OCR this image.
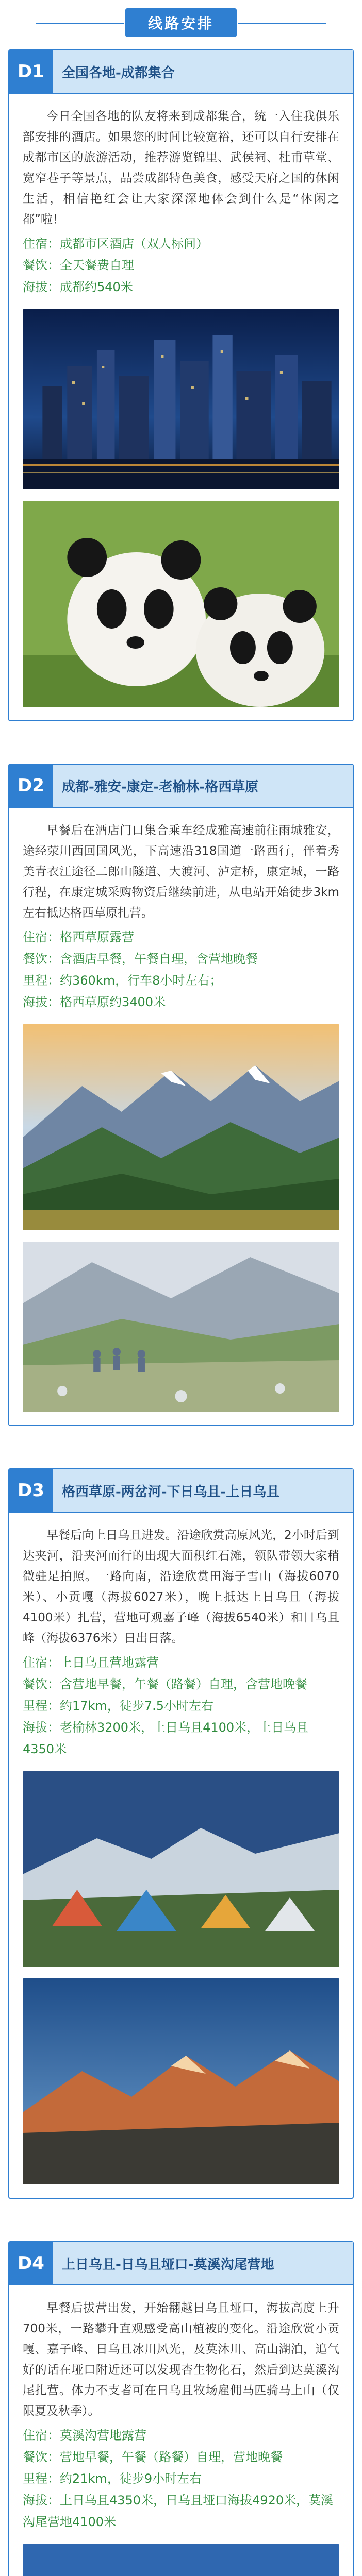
线路安排
D1	全国各地-成都集合

今日全国各地的队友将来到成都集合，统一入住我俱乐部安排的酒店。如果您的时间比较宽裕，还可以自行安排在成都市区的旅游活动，推荐游览锦里、武侯祠、杜甫草堂、宽窄巷子等景点，品尝成都特色美食，感受天府之国的休闲生活，相信艳红会让大家深深地体会到什么是“休闲之都”啦！

住宿：成都市区酒店（双人标间）

餐饮：全天餐费自理

海拔：成都约540米

D2	成都-雅安-康定-老榆林-格西草原

早餐后在酒店门口集合乘车经成雅高速前往雨城雅安，途经荥川西回国风光，下高速沿318国道一路西行，伴着秀美青衣江途径二郎山隧道、大渡河、泸定桥，康定城，一路行程，在康定城采购物资后继续前进，从电站开始徒步3km左右抵达格西草原扎营。

住宿：格西草原露营

餐饮：含酒店早餐，午餐自理，含营地晚餐

里程：约360km，行车8小时左右；

海拔：格西草原约3400米

D3	格西草原-两岔河-下日乌且-上日乌且

早餐后向上日乌且进发。沿途欣赏高原风光，2小时后到达夹河，沿夹河而行的出现大面积红石滩，领队带领大家稍微驻足拍照。一路向南，沿途欣赏田海子雪山（海拔6070米）、小贡嘎（海拔6027米），晚上抵达上日乌且（海拔4100米）扎营，营地可观嘉子峰（海拔6540米）和日乌且峰（海拔6376米）日出日落。

住宿：上日乌且营地露营

餐饮：含营地早餐，午餐（路餐）自理，含营地晚餐

里程：约17km，徒步7.5小时左右

海拔：老榆林3200米，上日乌且4100米，上日乌且4350米

D4	上日乌且-日乌且垭口-莫溪沟尾营地

早餐后拔营出发，开始翻越日乌且垭口，海拔高度上升700米，一路攀升直观感受高山植被的变化。沿途欣赏小贡嘎、嘉子峰、日乌且冰川风光，及莫沐川、高山湖泊，追气好的话在垭口附近还可以发现杏生物化石，然后到达莫溪沟尾扎营。体力不支者可在日乌且牧场雇佣马匹骑马上山（仅限夏及秋季）。

住宿：莫溪沟营地露营

餐饮：营地早餐，午餐（路餐）自理，营地晚餐

里程：约21km，徒步9小时左右

海拔：上日乌且4350米，日乌且垭口海拔4920米，莫溪沟尾营地4100米
